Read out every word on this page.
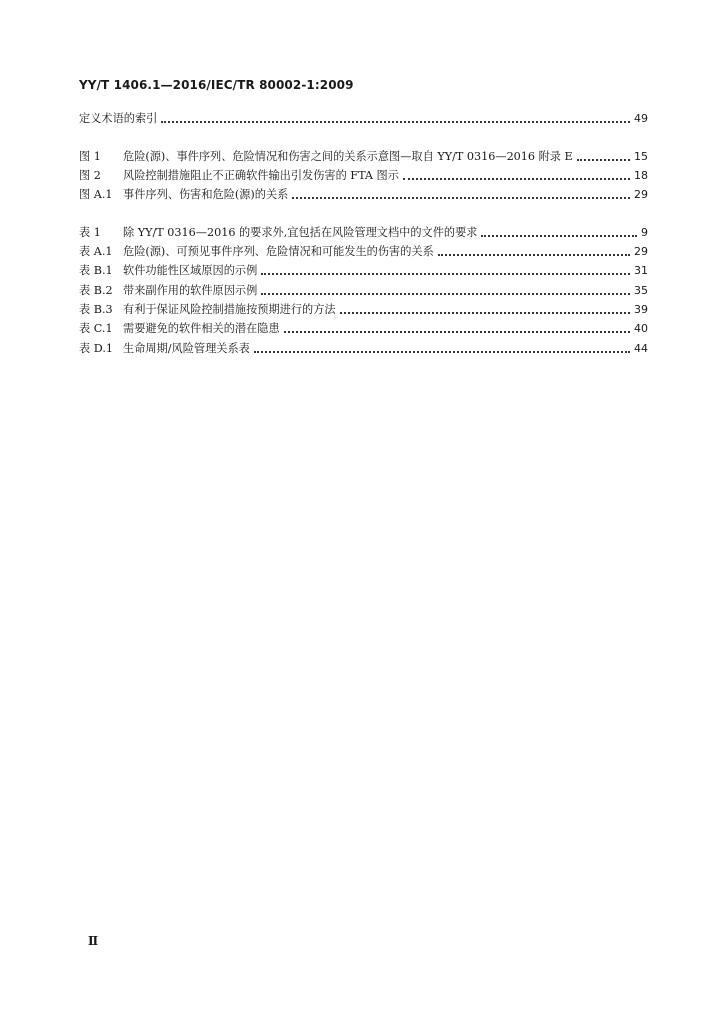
YY/T 1406.1—2016/IEC/TR 80002-1:2009
定义术语的索引	49
图 1	危险(源)、事件序列、危险情况和伤害之间的关系示意图—取自 YY/T 0316—2016 附录 E	15
图 2	风险控制措施阻止不正确软件输出引发伤害的 FTA 图示	18
图 A.1 事件序列、伤害和危险(源)的关系	29
表 1	除 YY/T 0316—2016 的要求外,宜包括在风险管理文档中的文件的要求	9
表 A.1 危险(源)、可预见事件序列、危险情况和可能发生的伤害的关系	29
表 B.1 软件功能性区域原因的示例	31
表 B.2 带来副作用的软件原因示例	35
表 B.3 有利于保证风险控制措施按预期进行的方法	39
表 C.1 需要避免的软件相关的潜在隐患	40
表 D.1 生命周期/风险管理关系表	44
Ⅱ
